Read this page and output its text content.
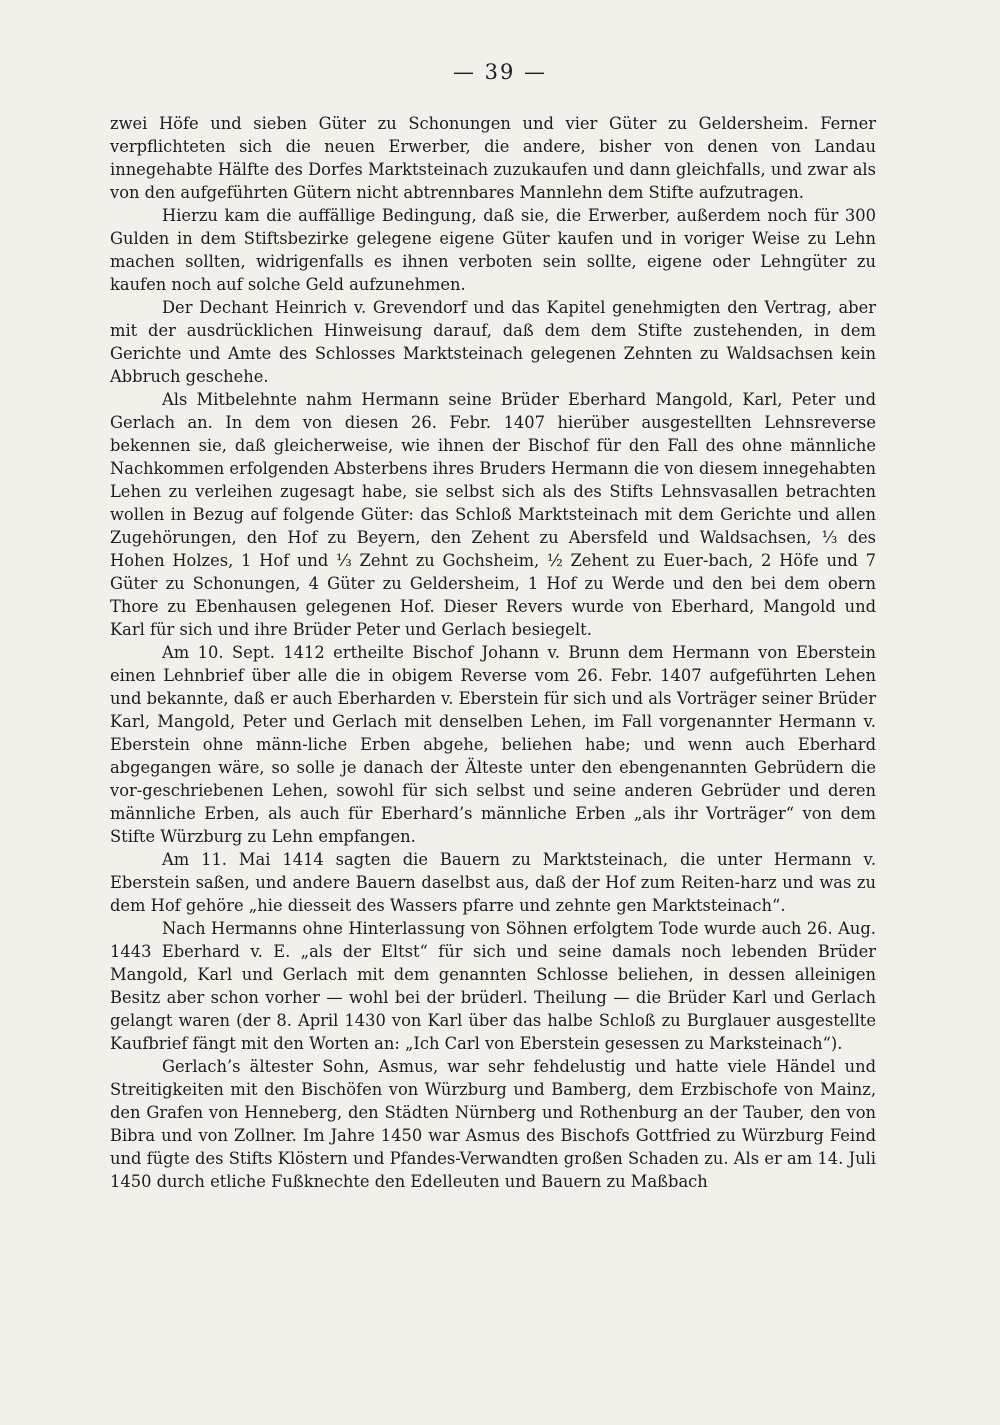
— 39 —

zwei Höfe und sieben Güter zu Schonungen und vier Güter zu Geldersheim. Ferner verpflichteten sich die neuen Erwerber, die andere, bisher von denen von Landau innegehabte Hälfte des Dorfes Marktsteinach zuzukaufen und dann gleichfalls, und zwar als von den aufgeführten Gütern nicht abtrennbares Mannlehn dem Stifte aufzutragen.

Hierzu kam die auffällige Bedingung, daß sie, die Erwerber, außerdem noch für 300 Gulden in dem Stiftsbezirke gelegene eigene Güter kaufen und in voriger Weise zu Lehn machen sollten, widrigenfalls es ihnen verboten sein sollte, eigene oder Lehngüter zu kaufen noch auf solche Geld aufzunehmen.

Der Dechant Heinrich v. Grevendorf und das Kapitel genehmigten den Vertrag, aber mit der ausdrücklichen Hinweisung darauf, daß dem dem Stifte zustehenden, in dem Gerichte und Amte des Schlosses Marktsteinach gelegenen Zehnten zu Waldsachsen kein Abbruch geschehe.

Als Mitbelehnte nahm Hermann seine Brüder Eberhard Mangold, Karl, Peter und Gerlach an. In dem von diesen 26. Febr. 1407 hierüber ausgestellten Lehnsreverse bekennen sie, daß gleicherweise, wie ihnen der Bischof für den Fall des ohne männliche Nachkommen erfolgenden Absterbens ihres Bruders Hermann die von diesem innegehabten Lehen zu verleihen zugesagt habe, sie selbst sich als des Stifts Lehnsvasallen betrachten wollen in Bezug auf folgende Güter: das Schloß Marktsteinach mit dem Gerichte und allen Zugehörungen, den Hof zu Beyern, den Zehent zu Abersfeld und Waldsachsen, ⅓ des Hohen Holzes, 1 Hof und ⅓ Zehnt zu Gochsheim, ½ Zehent zu Euer-bach, 2 Höfe und 7 Güter zu Schonungen, 4 Güter zu Geldersheim, 1 Hof zu Werde und den bei dem obern Thore zu Ebenhausen gelegenen Hof. Dieser Revers wurde von Eberhard, Mangold und Karl für sich und ihre Brüder Peter und Gerlach besiegelt.

Am 10. Sept. 1412 ertheilte Bischof Johann v. Brunn dem Hermann von Eberstein einen Lehnbrief über alle die in obigem Reverse vom 26. Febr. 1407 aufgeführten Lehen und bekannte, daß er auch Eberharden v. Eberstein für sich und als Vorträger seiner Brüder Karl, Mangold, Peter und Gerlach mit denselben Lehen, im Fall vorgenannter Hermann v. Eberstein ohne männ-liche Erben abgehe, beliehen habe; und wenn auch Eberhard abgegangen wäre, so solle je danach der Älteste unter den ebengenannten Gebrüdern die vor-geschriebenen Lehen, sowohl für sich selbst und seine anderen Gebrüder und deren männliche Erben, als auch für Eberhard’s männliche Erben „als ihr Vorträger“ von dem Stifte Würzburg zu Lehn empfangen.

Am 11. Mai 1414 sagten die Bauern zu Marktsteinach, die unter Hermann v. Eberstein saßen, und andere Bauern daselbst aus, daß der Hof zum Reiten-harz und was zu dem Hof gehöre „hie diesseit des Wassers pfarre und zehnte gen Marktsteinach“.

Nach Hermanns ohne Hinterlassung von Söhnen erfolgtem Tode wurde auch 26. Aug. 1443 Eberhard v. E. „als der Eltst“ für sich und seine damals noch lebenden Brüder Mangold, Karl und Gerlach mit dem genannten Schlosse beliehen, in dessen alleinigen Besitz aber schon vorher — wohl bei der brüderl. Theilung — die Brüder Karl und Gerlach gelangt waren (der 8. April 1430 von Karl über das halbe Schloß zu Burglauer ausgestellte Kaufbrief fängt mit den Worten an: „Ich Carl von Eberstein gesessen zu Marksteinach“).

Gerlach’s ältester Sohn, Asmus, war sehr fehdelustig und hatte viele Händel und Streitigkeiten mit den Bischöfen von Würzburg und Bamberg, dem Erzbischofe von Mainz, den Grafen von Henneberg, den Städten Nürnberg und Rothenburg an der Tauber, den von Bibra und von Zollner. Im Jahre 1450 war Asmus des Bischofs Gottfried zu Würzburg Feind und fügte des Stifts Klöstern und Pfandes-Verwandten großen Schaden zu. Als er am 14. Juli 1450 durch etliche Fußknechte den Edelleuten und Bauern zu Maßbach
